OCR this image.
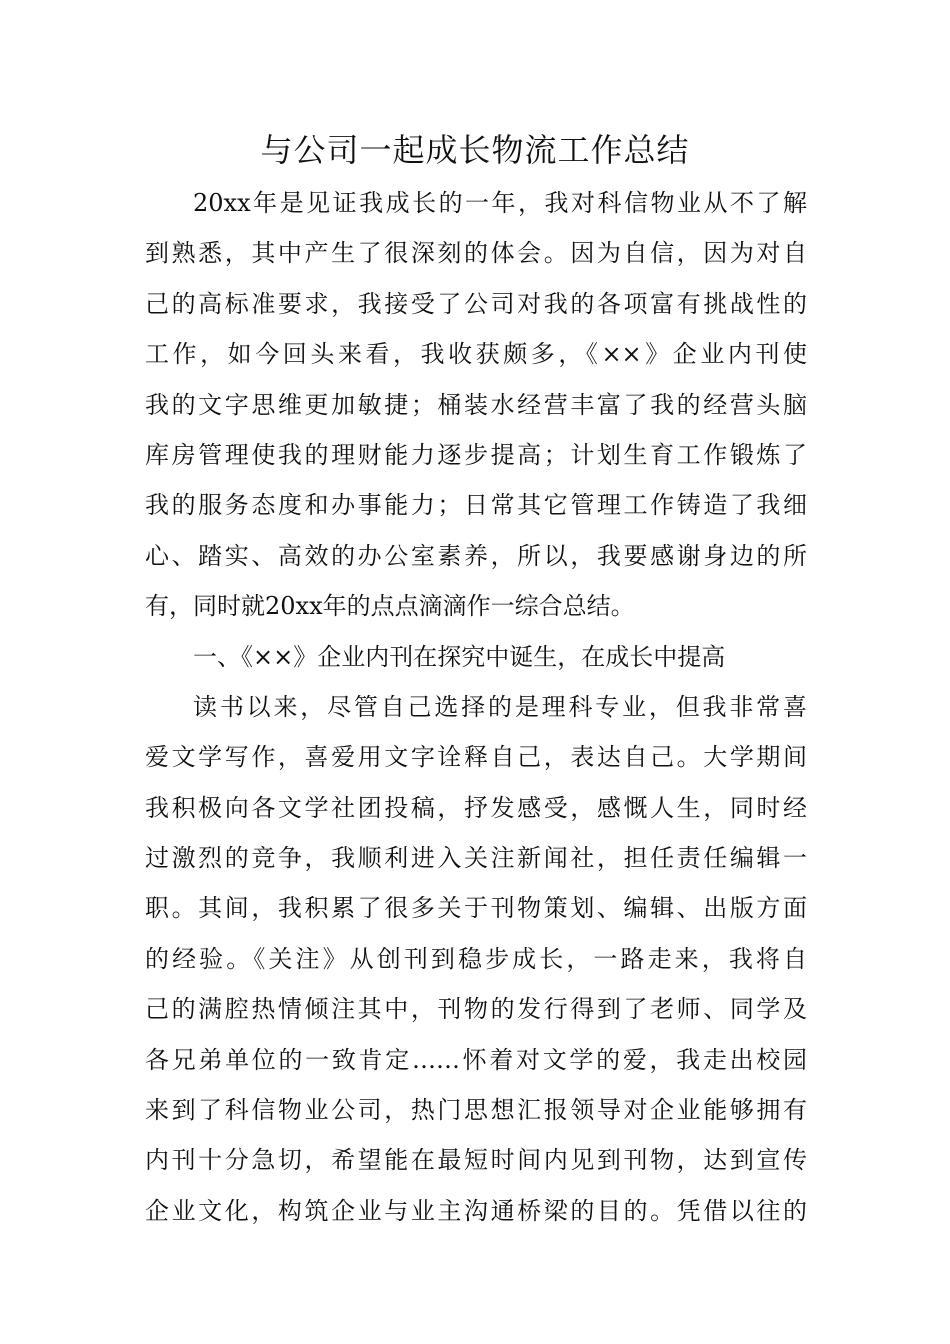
与公司一起成长物流工作总结
20xx年是见证我成长的一年，我对科信物业从不了解
到熟悉，其中产生了很深刻的体会。因为自信，因为对自
己的高标准要求，我接受了公司对我的各项富有挑战性的
工作，如今回头来看，我收获颇多，《××》企业内刊使
我的文字思维更加敏捷；桶装水经营丰富了我的经营头脑
库房管理使我的理财能力逐步提高；计划生育工作锻炼了
我的服务态度和办事能力；日常其它管理工作铸造了我细
心、踏实、高效的办公室素养，所以，我要感谢身边的所
有，同时就20xx年的点点滴滴作一综合总结。
一、《××》企业内刊在探究中诞生，在成长中提高
读书以来，尽管自己选择的是理科专业，但我非常喜
爱文学写作，喜爱用文字诠释自己，表达自己。大学期间
我积极向各文学社团投稿，抒发感受，感慨人生，同时经
过激烈的竞争，我顺利进入关注新闻社，担任责任编辑一
职。其间，我积累了很多关于刊物策划、编辑、出版方面
的经验。《关注》从创刊到稳步成长，一路走来，我将自
己的满腔热情倾注其中，刊物的发行得到了老师、同学及
各兄弟单位的一致肯定……怀着对文学的爱，我走出校园
来到了科信物业公司，热门思想汇报领导对企业能够拥有
内刊十分急切，希望能在最短时间内见到刊物，达到宣传
企业文化，构筑企业与业主沟通桥梁的目的。凭借以往的
